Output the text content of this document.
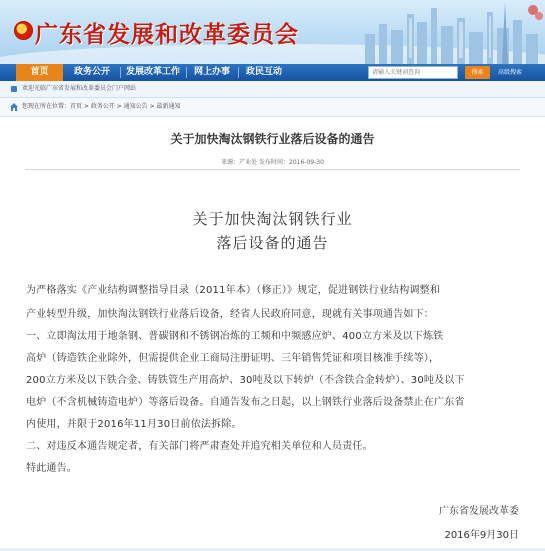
广东省发展和改革委员会
首页	政务公开	发展改革工作	网上办事	政民互动
请输入关键词查询	搜索	高级搜索
欢迎光临广东省发展和改革委员会门户网站
您现在所在位置：首页 > 政务公开 > 通知公告 > 最新通知
关于加快淘汰钢铁行业落后设备的通告
来源：产业处 发布时间：2016-09-30
关于加快淘汰钢铁行业
落后设备的通告
为严格落实《产业结构调整指导目录（2011年本）（修正）》规定，促进钢铁行业结构调整和
产业转型升级，加快淘汰钢铁行业落后设备，经省人民政府同意，现就有关事项通告如下：
一、立即淘汰用于地条钢、普碳钢和不锈钢冶炼的工频和中频感应炉、400立方米及以下炼铁
高炉（铸造铁企业除外，但需提供企业工商局注册证明、三年销售凭证和项目核准手续等），
200立方米及以下铁合金、铸铁管生产用高炉、30吨及以下转炉（不含铁合金转炉）、30吨及以下
电炉（不含机械铸造电炉）等落后设备。自通告发布之日起，以上钢铁行业落后设备禁止在广东省
内使用，并限于2016年11月30日前依法拆除。
二、对违反本通告规定者，有关部门将严肃查处并追究相关单位和人员责任。
特此通告。
广东省发展改革委
2016年9月30日
